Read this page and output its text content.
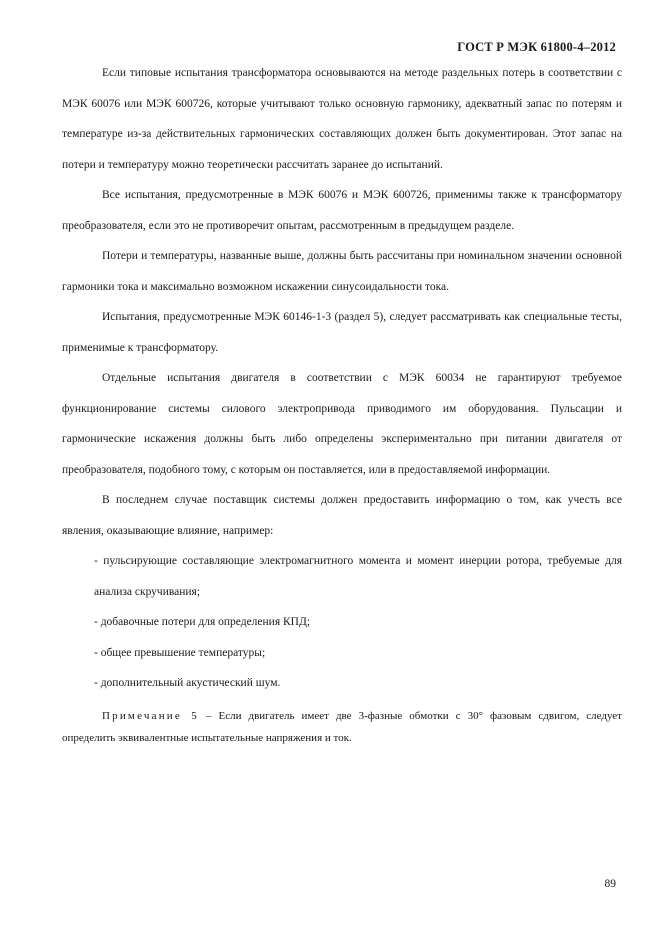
ГОСТ Р МЭК 61800-4–2012

Если типовые испытания трансформатора основываются на методе раздельных потерь в соответствии с МЭК 60076 или МЭК 600726, которые учитывают только основную гармонику, адекватный запас по потерям и температуре из-за действительных гармонических составляющих должен быть документирован. Этот запас на потери и температуру можно теоретически рассчитать заранее до испытаний.

Все испытания, предусмотренные в МЭК 60076 и МЭК 600726, применимы также к трансформатору преобразователя, если это не противоречит опытам, рассмотренным в предыдущем разделе.

Потери и температуры, названные выше, должны быть рассчитаны при номинальном значении основной гармоники тока и максимально возможном искажении синусоидальности тока.

Испытания, предусмотренные МЭК 60146-1-3 (раздел 5), следует рассматривать как специальные тесты, применимые к трансформатору.

Отдельные испытания двигателя в соответствии с МЭК 60034 не гарантируют требуемое функционирование системы силового электропривода приводимого им оборудования. Пульсации и гармонические искажения должны быть либо определены экспериментально при питании двигателя от преобразователя, подобного тому, с которым он поставляется, или в предоставляемой информации.

В последнем случае поставщик системы должен предоставить информацию о том, как учесть все явления, оказывающие влияние, например:

- пульсирующие составляющие электромагнитного момента и момент инерции ротора, требуемые для анализа скручивания;

- добавочные потери для определения КПД;

- общее превышение температуры;

- дополнительный акустический шум.

Примечание 5 – Если двигатель имеет две 3-фазные обмотки с 30° фазовым сдвигом, следует определить эквивалентные испытательные напряжения и ток.

89
